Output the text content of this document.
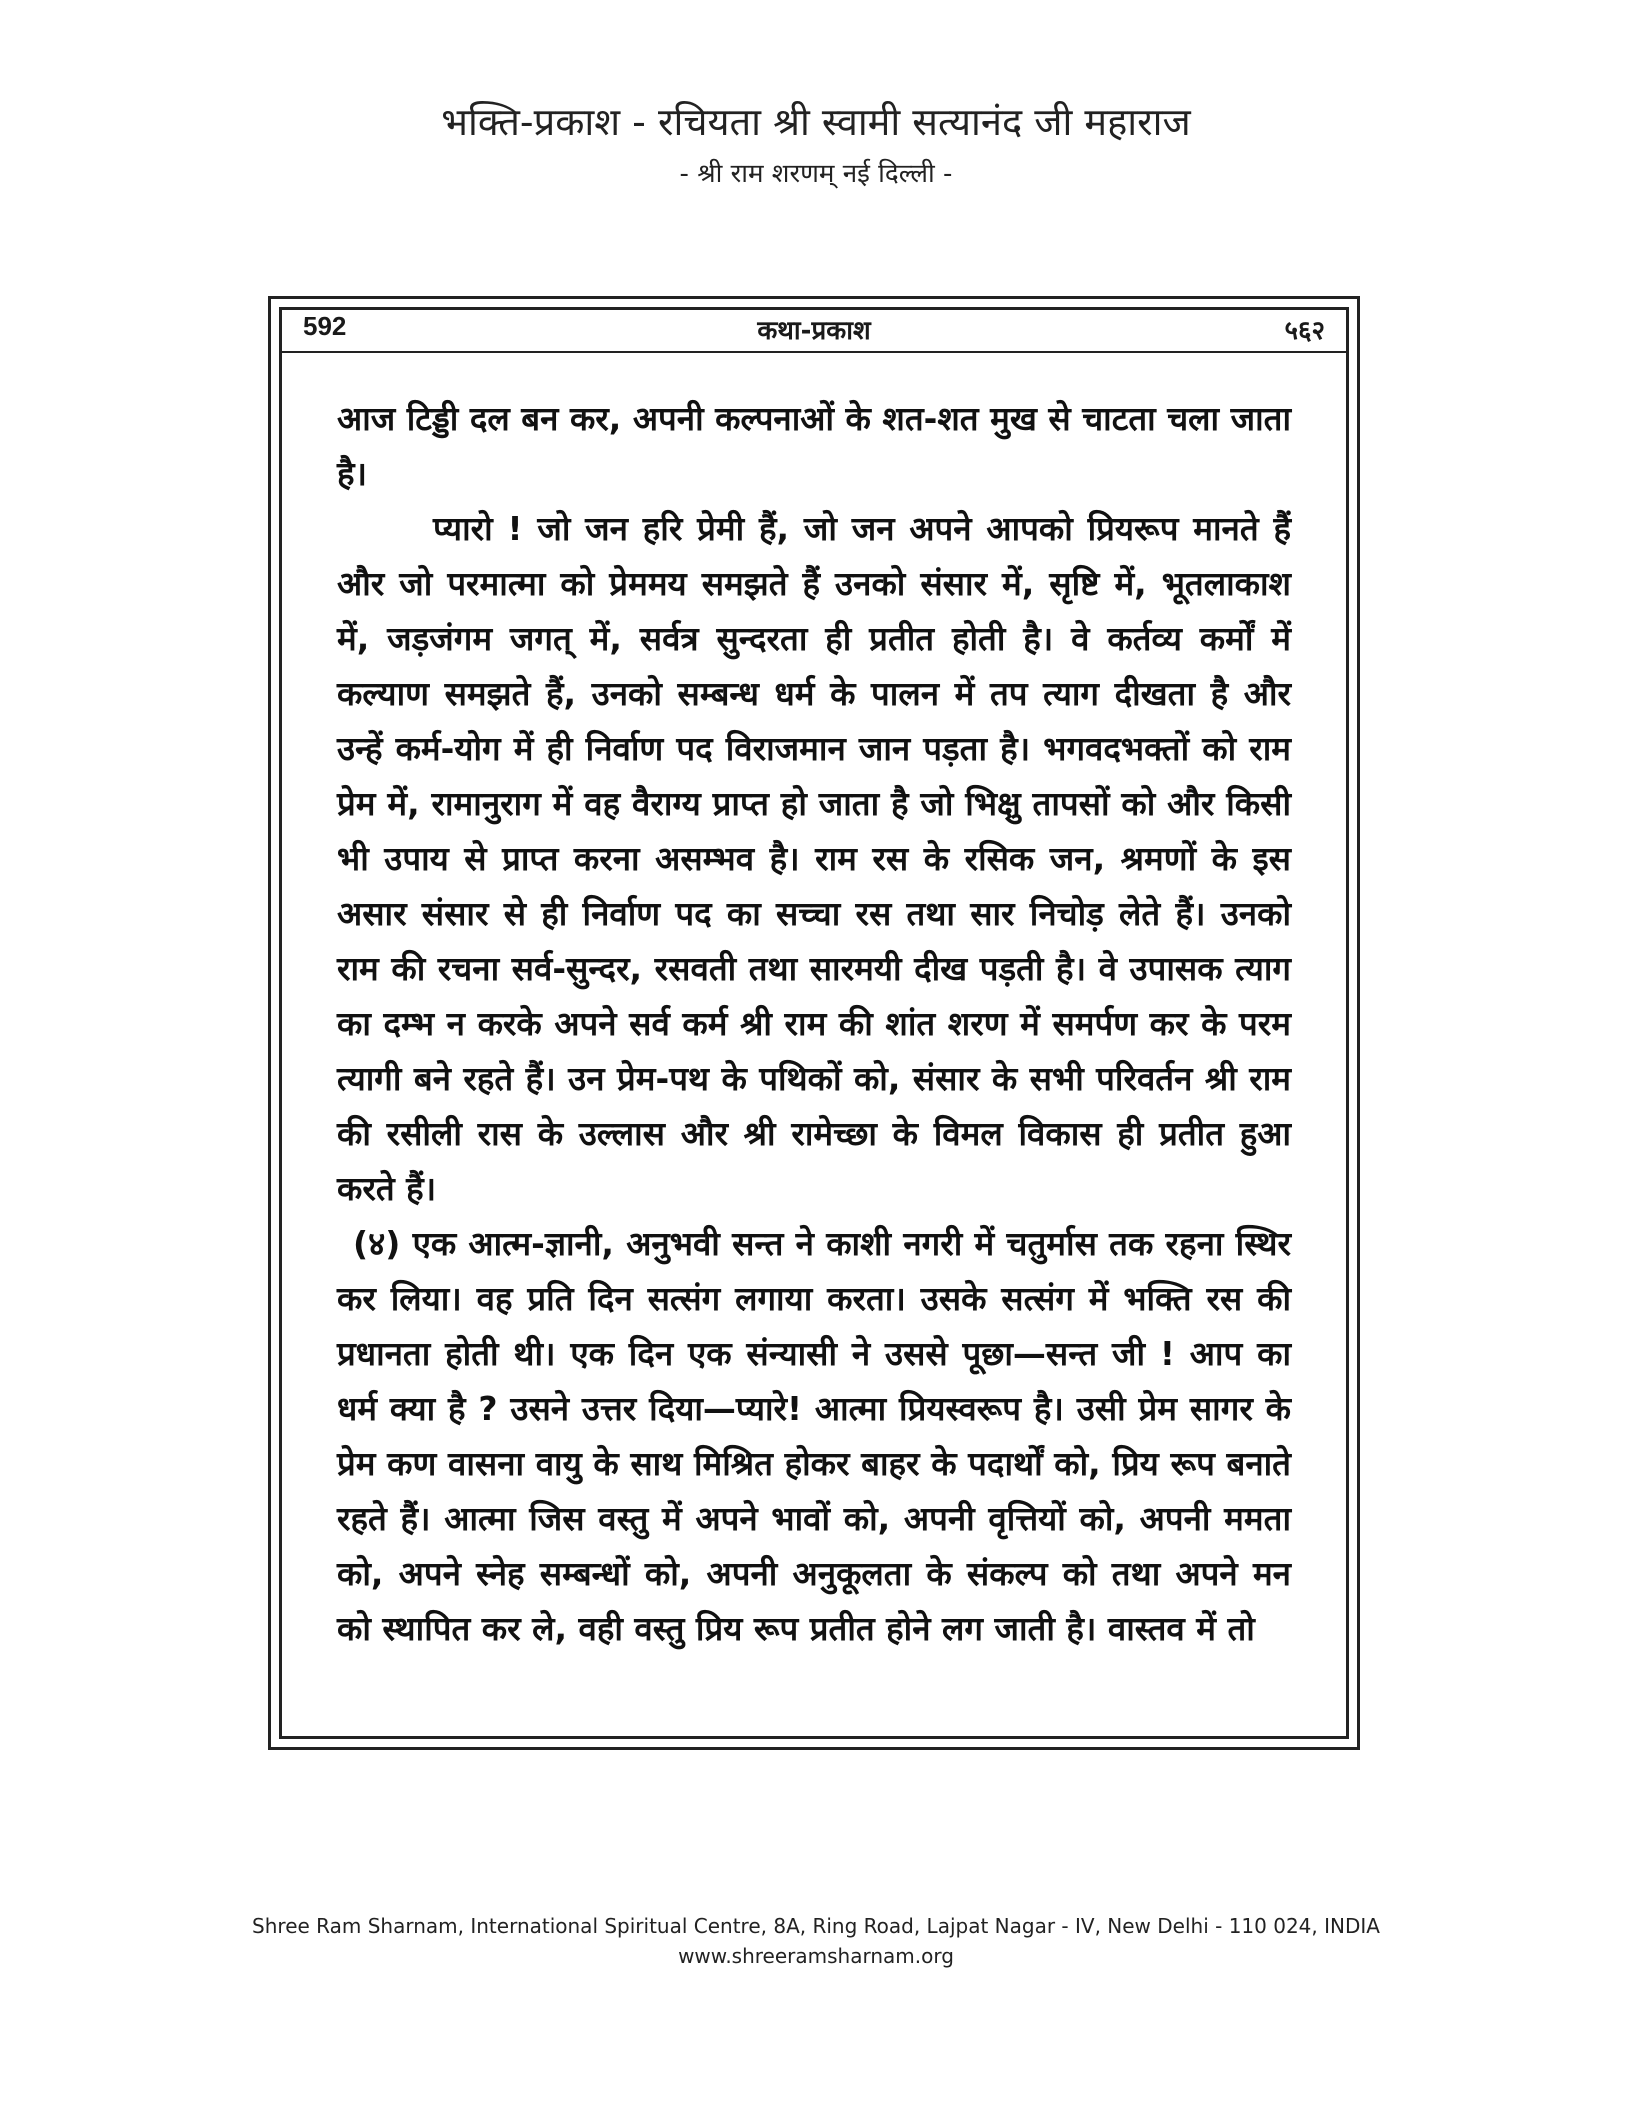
भक्ति-प्रकाश - रचियता श्री स्वामी सत्यानंद जी महाराज
- श्री राम शरणम् नई दिल्ली -
592	कथा-प्रकाश	५६२

आज टिड्डी दल बन कर, अपनी कल्पनाओं के शत-शत मुख से चाटता चला जाता है।

प्यारो ! जो जन हरि प्रेमी हैं, जो जन अपने आपको प्रियरूप मानते हैं और जो परमात्मा को प्रेममय समझते हैं उनको संसार में, सृष्टि में, भूतलाकाश में, जड़जंगम जगत् में, सर्वत्र सुन्दरता ही प्रतीत होती है। वे कर्तव्य कर्मों में कल्याण समझते हैं, उनको सम्बन्ध धर्म के पालन में तप त्याग दीखता है और उन्हें कर्म-योग में ही निर्वाण पद विराजमान जान पड़ता है। भगवदभक्तों को राम प्रेम में, रामानुराग में वह वैराग्य प्राप्त हो जाता है जो भिक्षु तापसों को और किसी भी उपाय से प्राप्त करना असम्भव है। राम रस के रसिक जन, श्रमणों के इस असार संसार से ही निर्वाण पद का सच्चा रस तथा सार निचोड़ लेते हैं। उनको राम की रचना सर्व-सुन्दर, रसवती तथा सारमयी दीख पड़ती है। वे उपासक त्याग का दम्भ न करके अपने सर्व कर्म श्री राम की शांत शरण में समर्पण कर के परम त्यागी बने रहते हैं। उन प्रेम-पथ के पथिकों को, संसार के सभी परिवर्तन श्री राम की रसीली रास के उल्लास और श्री रामेच्छा के विमल विकास ही प्रतीत हुआ करते हैं।

(४) एक आत्म-ज्ञानी, अनुभवी सन्त ने काशी नगरी में चतुर्मास तक रहना स्थिर कर लिया। वह प्रति दिन सत्संग लगाया करता। उसके सत्संग में भक्ति रस की प्रधानता होती थी। एक दिन एक संन्यासी ने उससे पूछा—सन्त जी ! आप का धर्म क्या है ? उसने उत्तर दिया—प्यारे! आत्मा प्रियस्वरूप है। उसी प्रेम सागर के प्रेम कण वासना वायु के साथ मिश्रित होकर बाहर के पदार्थों को, प्रिय रूप बनाते रहते हैं। आत्मा जिस वस्तु में अपने भावों को, अपनी वृत्तियों को, अपनी ममता को, अपने स्नेह सम्बन्धों को, अपनी अनुकूलता के संकल्प को तथा अपने मन को स्थापित कर ले, वही वस्तु प्रिय रूप प्रतीत होने लग जाती है। वास्तव में तो

Shree Ram Sharnam, International Spiritual Centre, 8A, Ring Road, Lajpat Nagar - IV, New Delhi - 110 024, INDIA
www.shreeramsharnam.org
